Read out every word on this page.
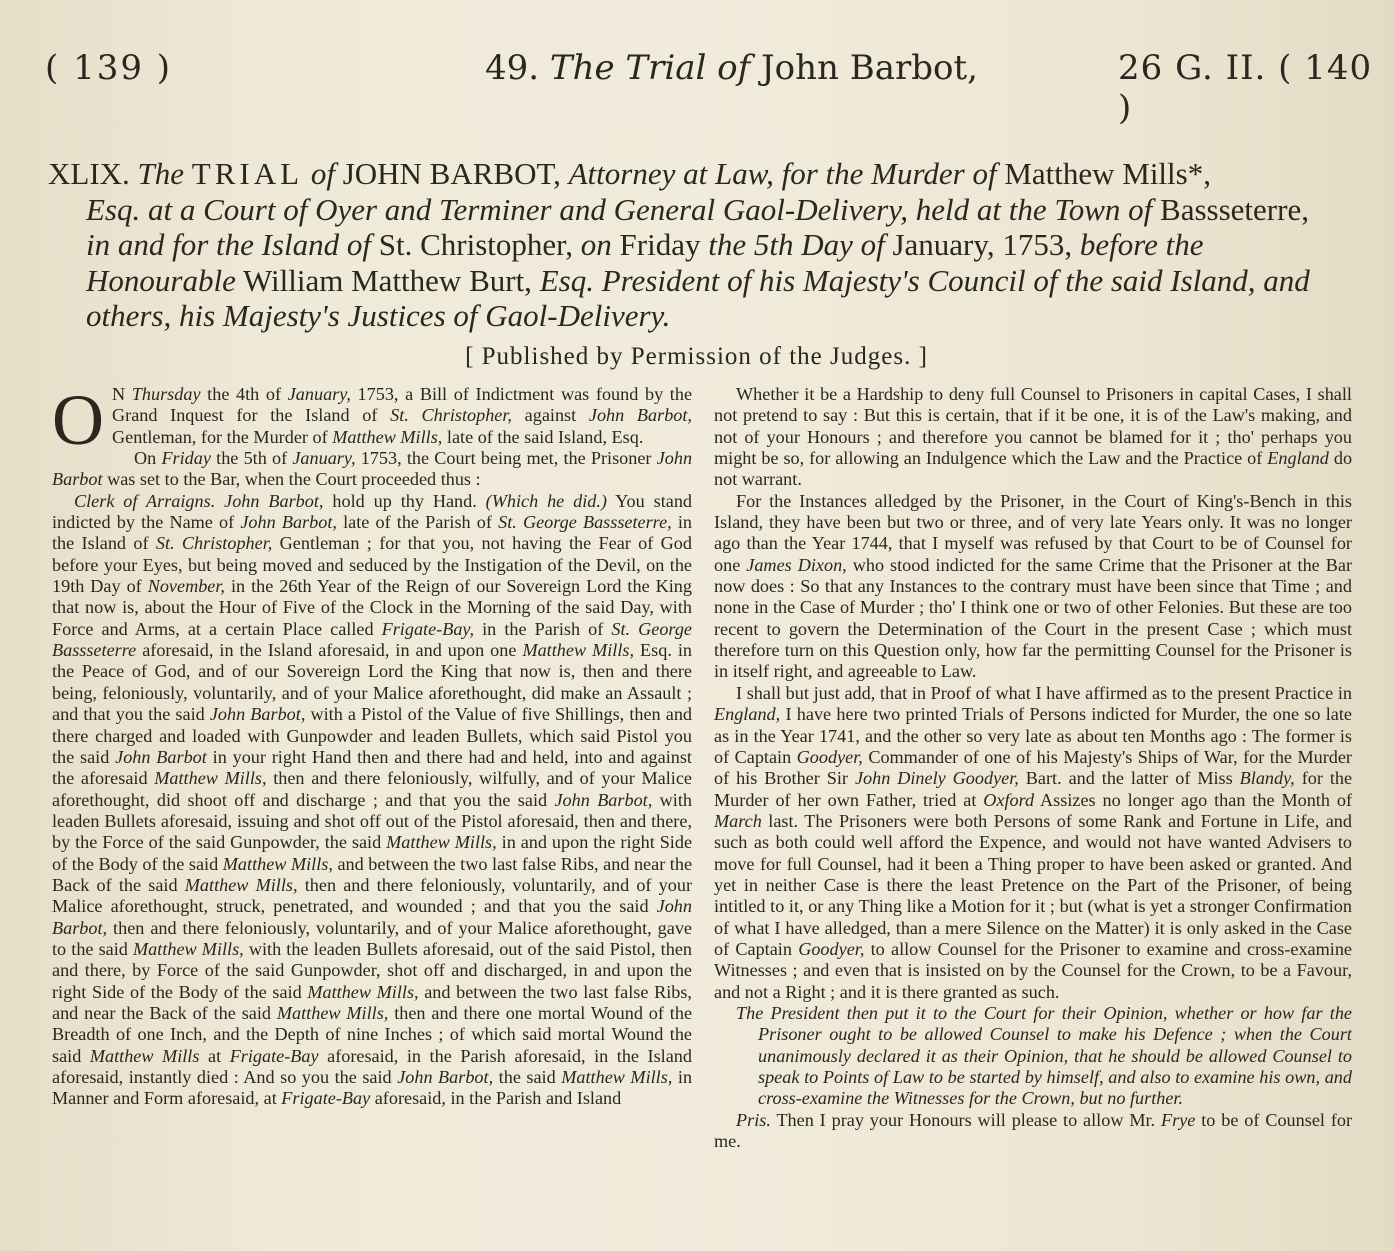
( 139 )	49. The Trial of John Barbot,	26 G. II. ( 140 )
XLIX. The TRIAL of JOHN BARBOT, Attorney at Law, for the Murder of Matthew Mills*,
Esq. at a Court of Oyer and Terminer and General Gaol-Delivery, held at the Town of Bassseterre,
in and for the Island of St. Christopher, on Friday the 5th Day of January, 1753, before the
Honourable William Matthew Burt, Esq. President of his Majesty's Council of the said Island, and
others, his Majesty's Justices of Gaol-Delivery.
[ Published by Permission of the Judges. ]

O N Thursday the 4th of January, 1753, a Bill of Indictment was found by the Grand Inquest for the Island of St. Christopher, against John Barbot, Gentleman, for the Murder of Matthew Mills, late of the said Island, Esq.

On Friday the 5th of January, 1753, the Court being met, the Prisoner John Barbot was set to the Bar, when the Court proceeded thus :

Clerk of Arraigns. John Barbot, hold up thy Hand. (Which he did.) You stand indicted by the Name of John Barbot, late of the Parish of St. George Bassseterre, in the Island of St. Christopher, Gentleman ; for that you, not having the Fear of God before your Eyes, but being moved and seduced by the Instigation of the Devil, on the 19th Day of November, in the 26th Year of the Reign of our Sovereign Lord the King that now is, about the Hour of Five of the Clock in the Morning of the said Day, with Force and Arms, at a certain Place called Frigate-Bay, in the Parish of St. George Bassseterre aforesaid, in the Island aforesaid, in and upon one Matthew Mills, Esq. in the Peace of God, and of our Sovereign Lord the King that now is, then and there being, feloniously, voluntarily, and of your Malice aforethought, did make an Assault ; and that you the said John Barbot, with a Pistol of the Value of five Shillings, then and there charged and loaded with Gunpowder and leaden Bullets, which said Pistol you the said John Barbot in your right Hand then and there had and held, into and against the aforesaid Matthew Mills, then and there feloniously, wilfully, and of your Malice aforethought, did shoot off and discharge ; and that you the said John Barbot, with leaden Bullets aforesaid, issuing and shot off out of the Pistol aforesaid, then and there, by the Force of the said Gunpowder, the said Matthew Mills, in and upon the right Side of the Body of the said Matthew Mills, and between the two last false Ribs, and near the Back of the said Matthew Mills, then and there feloniously, voluntarily, and of your Malice aforethought, struck, penetrated, and wounded ; and that you the said John Barbot, then and there feloniously, voluntarily, and of your Malice aforethought, gave to the said Matthew Mills, with the leaden Bullets aforesaid, out of the said Pistol, then and there, by Force of the said Gunpowder, shot off and discharged, in and upon the right Side of the Body of the said Matthew Mills, and between the two last false Ribs, and near the Back of the said Matthew Mills, then and there one mortal Wound of the Breadth of one Inch, and the Depth of nine Inches ; of which said mortal Wound the said Matthew Mills at Frigate-Bay aforesaid, in the Parish aforesaid, in the Island aforesaid, instantly died : And so you the said John Barbot, the said Matthew Mills, in Manner and Form aforesaid, at Frigate-Bay aforesaid, in the Parish and Island

Whether it be a Hardship to deny full Counsel to Prisoners in capital Cases, I shall not pretend to say : But this is certain, that if it be one, it is of the Law's making, and not of your Honours ; and therefore you cannot be blamed for it ; tho' perhaps you might be so, for allowing an Indulgence which the Law and the Practice of England do not warrant.

For the Instances alledged by the Prisoner, in the Court of King's-Bench in this Island, they have been but two or three, and of very late Years only. It was no longer ago than the Year 1744, that I myself was refused by that Court to be of Counsel for one James Dixon, who stood indicted for the same Crime that the Prisoner at the Bar now does : So that any Instances to the contrary must have been since that Time ; and none in the Case of Murder ; tho' I think one or two of other Felonies. But these are too recent to govern the Determination of the Court in the present Case ; which must therefore turn on this Question only, how far the permitting Counsel for the Prisoner is in itself right, and agreeable to Law.

I shall but just add, that in Proof of what I have affirmed as to the present Practice in England, I have here two printed Trials of Persons indicted for Murder, the one so late as in the Year 1741, and the other so very late as about ten Months ago : The former is of Captain Goodyer, Commander of one of his Majesty's Ships of War, for the Murder of his Brother Sir John Dinely Goodyer, Bart. and the latter of Miss Blandy, for the Murder of her own Father, tried at Oxford Assizes no longer ago than the Month of March last. The Prisoners were both Persons of some Rank and Fortune in Life, and such as both could well afford the Expence, and would not have wanted Advisers to move for full Counsel, had it been a Thing proper to have been asked or granted. And yet in neither Case is there the least Pretence on the Part of the Prisoner, of being intitled to it, or any Thing like a Motion for it ; but (what is yet a stronger Confirmation of what I have alledged, than a mere Silence on the Matter) it is only asked in the Case of Captain Goodyer, to allow Counsel for the Prisoner to examine and cross-examine Witnesses ; and even that is insisted on by the Counsel for the Crown, to be a Favour, and not a Right ; and it is there granted as such.

The President then put it to the Court for their Opinion, whether or how far the Prisoner ought to be allowed Counsel to make his Defence ; when the Court unanimously declared it as their Opinion, that he should be allowed Counsel to speak to Points of Law to be started by himself, and also to examine his own, and cross-examine the Witnesses for the Crown, but no further.

Pris. Then I pray your Honours will please to allow Mr. Frye to be of Counsel for me.
